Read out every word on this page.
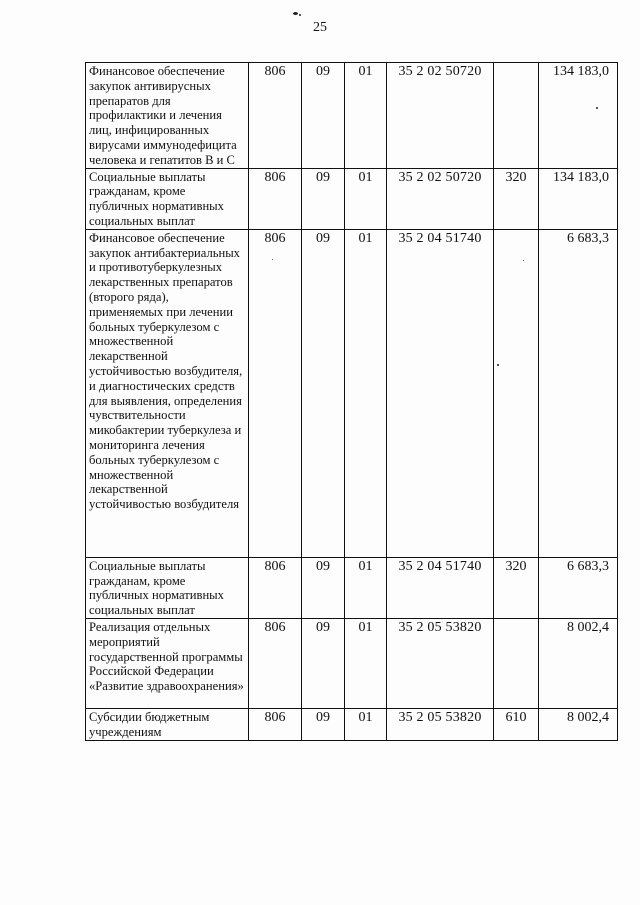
25
Финансовое обеспечение закупок антивирусных препаратов для профилактики и лечения лиц, инфицированных вирусами иммунодефицита человека и гепатитов В и С	806	09	01	35 2 02 50720		134 183,0
Социальные выплаты гражданам, кроме публичных нормативных социальных выплат	806	09	01	35 2 02 50720	320	134 183,0
Финансовое обеспечение закупок антибактериальных и противотуберкулезных лекарственных препаратов (второго ряда), применяемых при лечении больных туберкулезом с множественной лекарственной устойчивостью возбудителя, и диагностических средств для выявления, определения чувствительности микобактерии туберкулеза и мониторинга лечения больных туберкулезом с множественной лекарственной устойчивостью возбудителя	806	09	01	35 2 04 51740		6 683,3
Социальные выплаты гражданам, кроме публичных нормативных социальных выплат	806	09	01	35 2 04 51740	320	6 683,3
Реализация отдельных мероприятий государственной программы Российской Федерации «Развитие здравоохранения»	806	09	01	35 2 05 53820		8 002,4
Субсидии бюджетным учреждениям	806	09	01	35 2 05 53820	610	8 002,4
